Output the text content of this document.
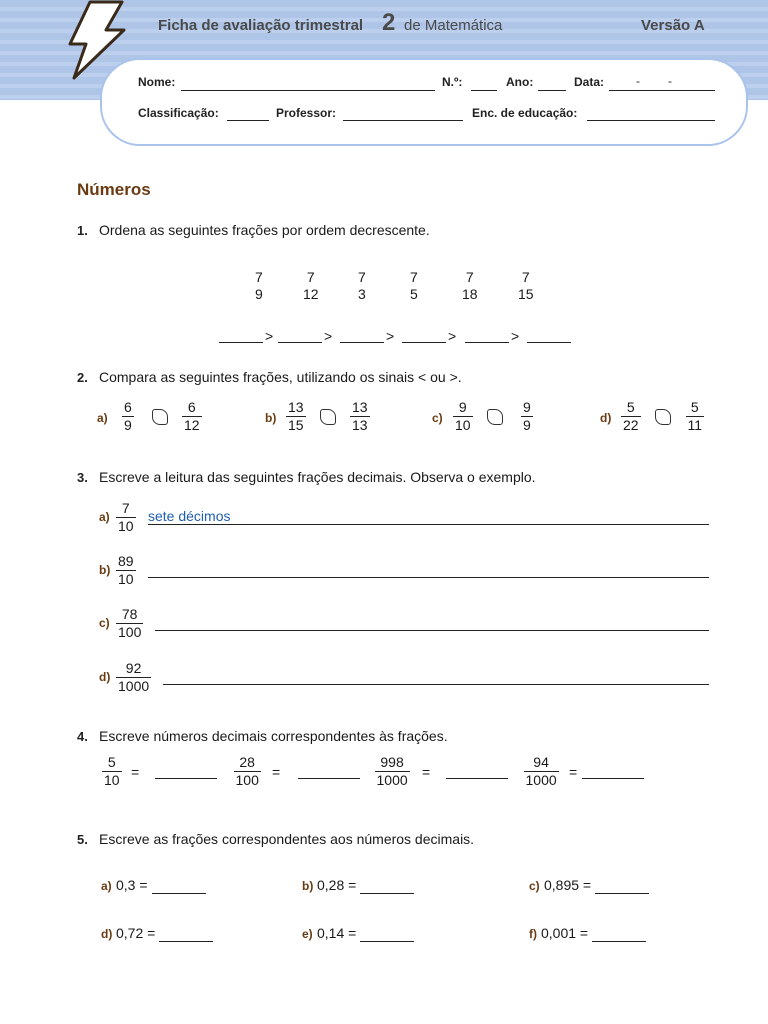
Ficha de avaliação trimestral 2 de Matemática	Versão A
Nome:	N.º:	Ano:	Data:	- -
Classificação:	Professor:	Enc. de educação:
Números
1. Ordena as seguintes frações por ordem decrescente.
2. Compara as seguintes frações, utilizando os sinais < ou >.
3. Escreve a leitura das seguintes frações decimais. Observa o exemplo.
4. Escreve números decimais correspondentes às frações.
5. Escreve as frações correspondentes aos números decimais.
7
9
7
12
7
3
7
5
7
18
7
15
>	>	>	>	>
$a) \frac{6}{9}$	$\frac{6}{12}$	$b) \frac{13}{15}$	$\frac{13}{13}$	$c) \frac{9}{10}$	$\frac{9}{9}$	$d) \frac{5}{22}$	$\frac{5}{11}$
$a) \frac{7}{10}$ sete décimos
$b) \frac{89}{10}$
$c) \frac{78}{100}$
$d) \frac{92}{1000}$
$\frac{5}{10}$ =	$\frac{28}{100}$ =	$\frac{998}{1000}$ =	$\frac{94}{1000}$ =
a) 0,3 =	b) 0,28 =	c) 0,895 =
d) 0,72 =	e) 0,14 =	f) 0,001 =
